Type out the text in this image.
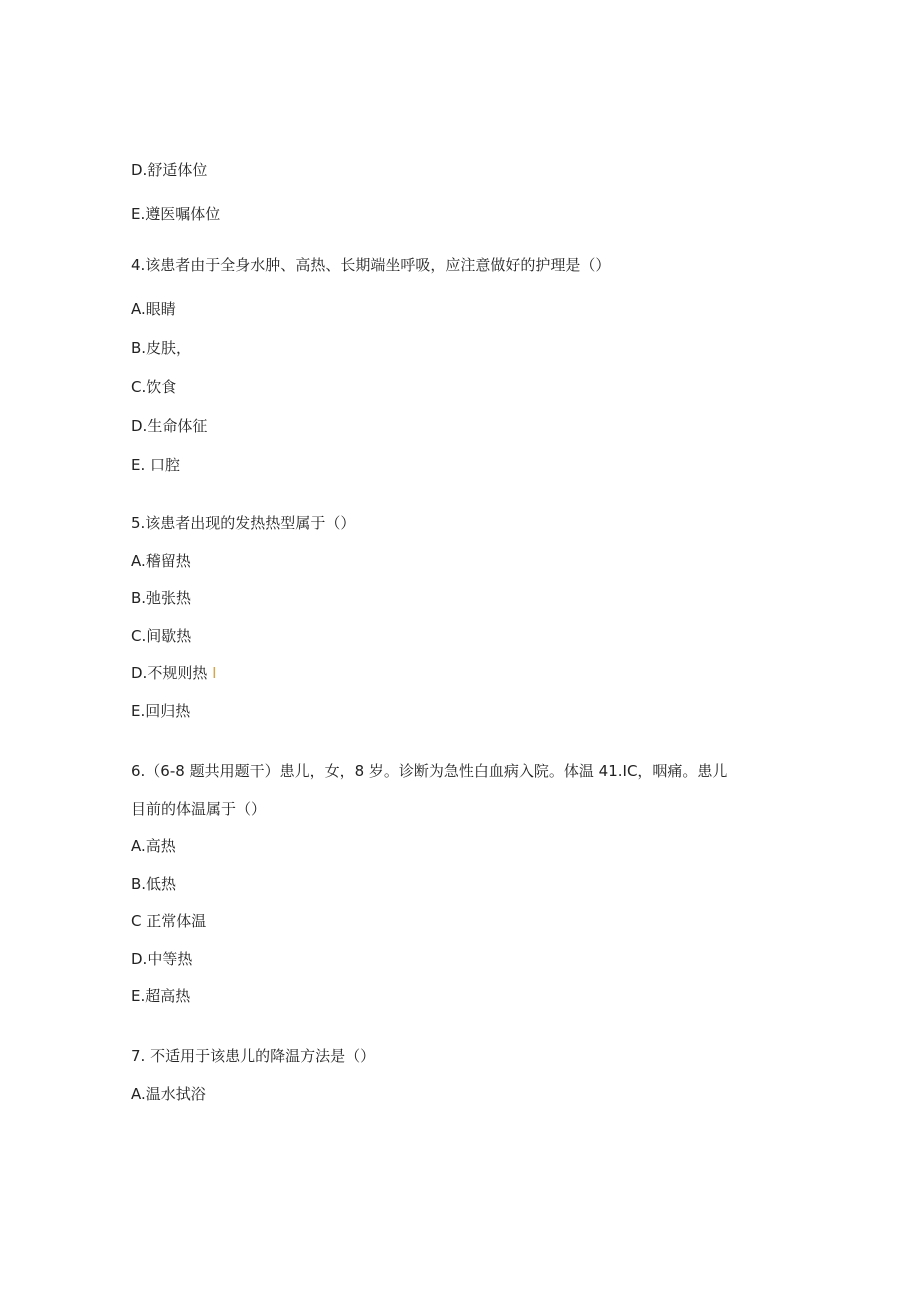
D.舒适体位
E.遵医嘱体位
4.该患者由于全身水肿、高热、长期端坐呼吸，应注意做好的护理是（）
A.眼睛
B.皮肤，
C.饮食
D.生命体征
E. 口腔
5.该患者出现的发热热型属于（）
A.稽留热
B.弛张热
C.间歇热
D.不规则热 I
E.回归热
6.（6-8 题共用题干）患儿，女，8 岁。诊断为急性白血病入院。体温 41.IC，咽痛。患儿
目前的体温属于（）
A.高热
B.低热
C 正常体温
D.中等热
E.超高热
7. 不适用于该患儿的降温方法是（）
A.温水拭浴
